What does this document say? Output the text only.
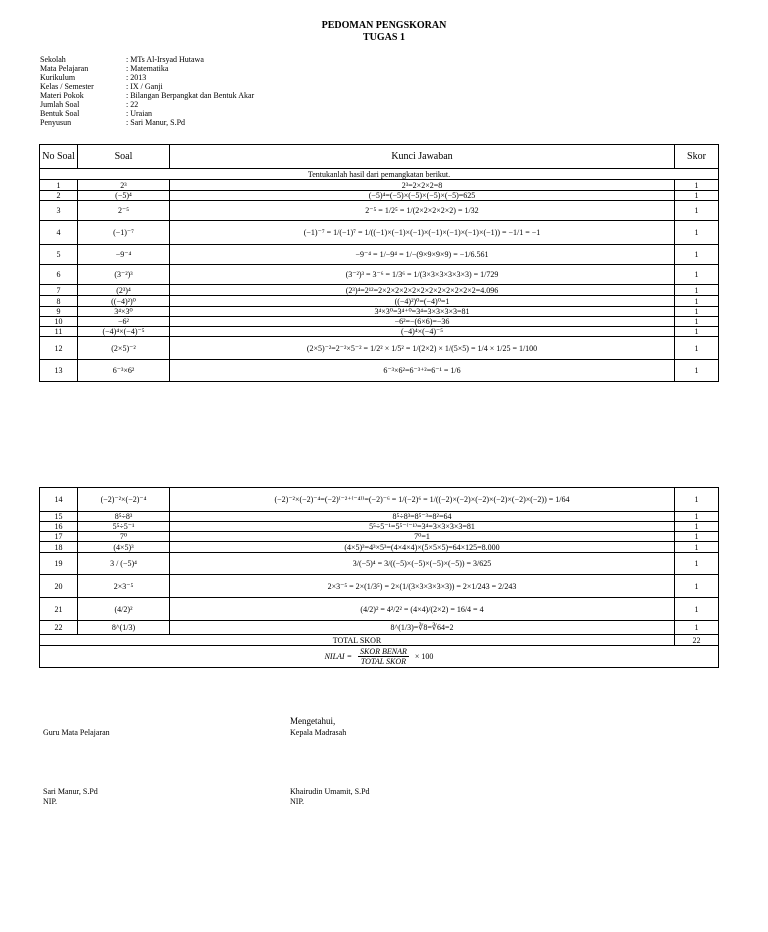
PEDOMAN PENGSKORAN
TUGAS 1
Sekolah	: MTs Al-Irsyad Hutawa
Mata Pelajaran	: Matematika
Kurikulum	: 2013
Kelas / Semester	: IX / Ganji
Materi Pokok	: Bilangan Berpangkat dan Bentuk Akar
Jumlah Soal	: 22
Bentuk Soal	: Uraian
Penyusun	: Sari Manur, S.Pd
No Soal	Soal	Kunci Jawaban	Skor
Tentukanlah hasil dari pemangkatan berikut.			
1	2³	2³=2×2×2=8	1
2	(−5)⁴	(−5)⁴=(−5)×(−5)×(−5)×(−5)=625	1
3	2⁻⁵	2⁻⁵ = 1/2⁵ = 1/(2×2×2×2×2) = 1/32	1
4	(−1)⁻⁷	(−1)⁻⁷ = 1/(−1)⁷ = 1/((−1)×(−1)×(−1)×(−1)×(−1)×(−1)×(−1)) = −1/1 = −1	1
5	−9⁻⁴	−9⁻⁴ = 1/−9⁴ = 1/−(9×9×9×9) = −1/6.561	1
6	(3⁻²)³	(3⁻²)³ = 3⁻⁶ = 1/3⁶ = 1/(3×3×3×3×3×3) = 1/729	1
7	(2³)⁴	(2³)⁴=2¹²=2×2×2×2×2×2×2×2×2×2×2×2=4.096	1
8	((−4)²)⁰	((−4)²)⁰=(−4)⁰=1	1
9	3⁴×3⁰	3⁴×3⁰=3⁴⁺⁰=3⁴=3×3×3×3=81	1
10	−6²	−6²=−(6×6)=−36	1
11	(−4)⁴×(−4)⁻⁵	(−4)⁴×(−4)⁻⁵	1
12	(2×5)⁻²	(2×5)⁻²=2⁻²×5⁻² = 1/2² × 1/5² = 1/(2×2) × 1/(5×5) = 1/4 × 1/25 = 1/100	1
13	6⁻³×6²	6⁻³×6²=6⁻³⁺²=6⁻¹ = 1/6	1
14	(−2)⁻²×(−2)⁻⁴	(−2)⁻²×(−2)⁻⁴=(−2)⁽⁻²⁺⁽⁻⁴⁾⁾=(−2)⁻⁶ = 1/(−2)⁶ = 1/((−2)×(−2)×(−2)×(−2)×(−2)×(−2)) = 1/64	1
15	8⁵÷8³	8⁵÷8³=8⁵⁻³=8²=64	1
16	5⁵÷5⁻¹	5⁵÷5⁻¹=5⁵⁻⁽⁻¹⁾=3⁴=3×3×3×3=81	1
17	7⁰	7⁰=1	1
18	(4×5)³	(4×5)³=4³×5³=(4×4×4)×(5×5×5)=64×125=8.000	1
19	3 / (−5)⁴	3/(−5)⁴ = 3/((−5)×(−5)×(−5)×(−5)) = 3/625	1
20	2×3⁻⁵	2×3⁻⁵ = 2×(1/3⁵) = 2×(1/(3×3×3×3×3)) = 2×1/243 = 2/243	1
21	(4/2)²	(4/2)² = 4²/2² = (4×4)/(2×2) = 16/4 = 4	1
22	8^(1/3)	8^(1/3)=∛8=∛64=2	1
TOTAL SKOR			22

NILAI = $\frac{\text{SKOR BENAR}}{\text{TOTAL SKOR}} \times 100$			
Guru Mata Pelajaran
Sari Manur, S.Pd
NIP.
Mengetahui,
Kepala Madrasah
Khairudin Umamit, S.Pd
NIP.
